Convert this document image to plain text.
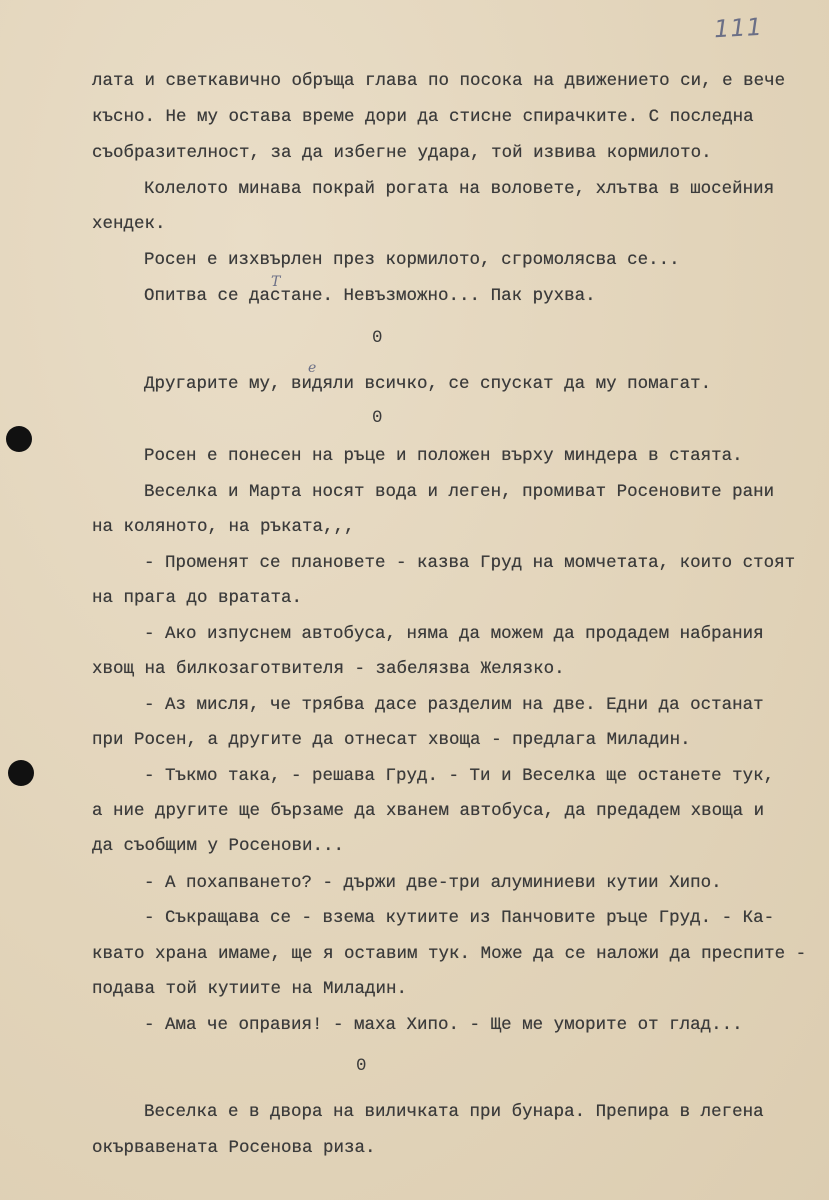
111
лата и светкавично обръща глава по посока на движението си, е вече
късно. Не му остава време дори да стисне спирачките. С последна
съобразителност, за да избегне удара, той извива кормилото.
Колелото минава покрай рогата на воловете, хлътва в шосейния
хендек.
Росен е изхвърлен през кормилото, сгромолясва се...
Опитва се дастане. Невъзможно... Пак рухва.
Т
0
е
Другарите му, видяли всичко, се спускат да му помагат.
0
Росен е понесен на ръце и положен върху миндера в стаята.
Веселка и Марта носят вода и леген, промиват Росеновите рани
на коляното, на ръката,,,
- Променят се плановете - казва Груд на момчетата, които стоят
на прага до вратата.
- Ако изпуснем автобуса, няма да можем да продадем набрания
хвощ на билкозаготвителя - забелязва Желязко.
- Аз мисля, че трябва дасе разделим на две. Едни да останат
при Росен, а другите да отнесат хвоща - предлага Миладин.
- Тъкмо така, - решава Груд. - Ти и Веселка ще останете тук,
а ние другите ще бързаме да хванем автобуса, да предадем хвоща и
да съобщим у Росенови...
- А похапването? - държи две-три алуминиеви кутии Хипо.
- Съкращава се - взема кутиите из Панчовите ръце Груд. - Ка-
квато храна имаме, ще я оставим тук. Може да се наложи да преспите -
подава той кутиите на Миладин.
- Ама че оправия! - маха Хипо. - Ще ме уморите от глад...
0
Веселка е в двора на виличката при бунара. Препира в легена
окървавената Росенова риза.
